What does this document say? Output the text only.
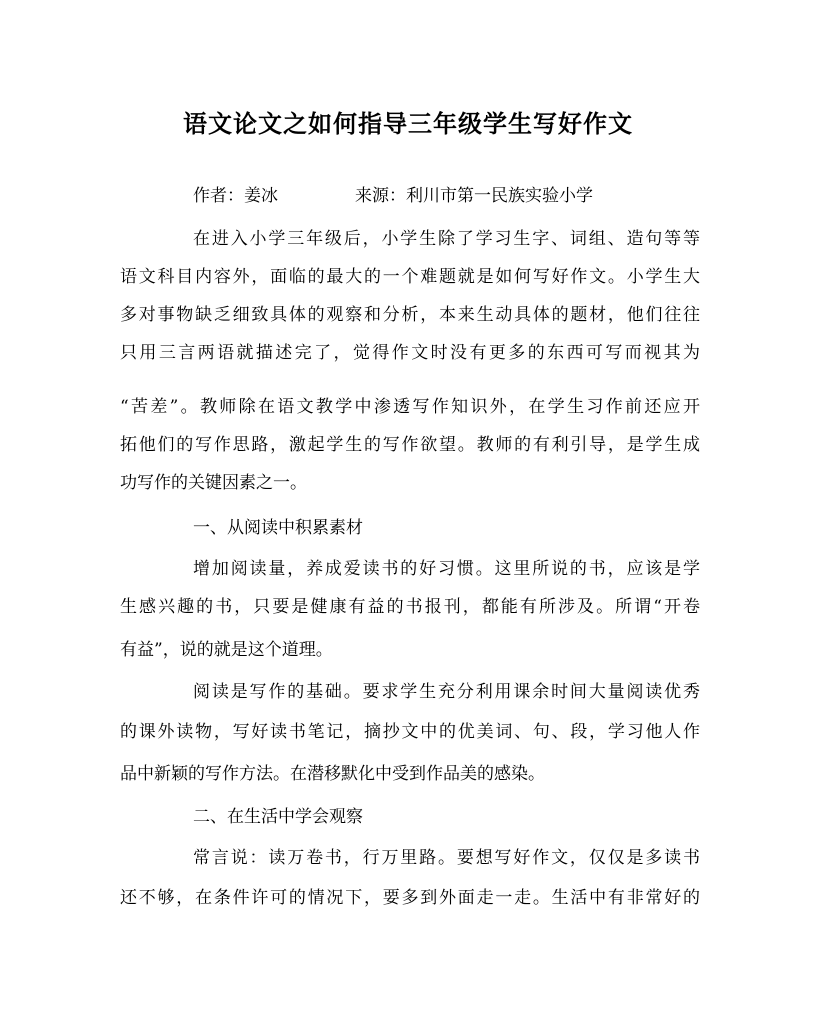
语文论文之如何指导三年级学生写好作文
作者：姜冰	来源：利川市第一民族实验小学
在进入小学三年级后，小学生除了学习生字、词组、造句等等
语文科目内容外，面临的最大的一个难题就是如何写好作文。小学生大
多对事物缺乏细致具体的观察和分析，本来生动具体的题材，他们往往
只用三言两语就描述完了，觉得作文时没有更多的东西可写而视其为
“苦差”。教师除在语文教学中渗透写作知识外，在学生习作前还应开
拓他们的写作思路，激起学生的写作欲望。教师的有利引导，是学生成
功写作的关键因素之一。
一、从阅读中积累素材
增加阅读量，养成爱读书的好习惯。这里所说的书，应该是学
生感兴趣的书，只要是健康有益的书报刊，都能有所涉及。所谓“开卷
有益”，说的就是这个道理。
阅读是写作的基础。要求学生充分利用课余时间大量阅读优秀
的课外读物，写好读书笔记，摘抄文中的优美词、句、段，学习他人作
品中新颖的写作方法。在潜移默化中受到作品美的感染。
二、在生活中学会观察
常言说：读万卷书，行万里路。要想写好作文，仅仅是多读书
还不够，在条件许可的情况下，要多到外面走一走。生活中有非常好的
